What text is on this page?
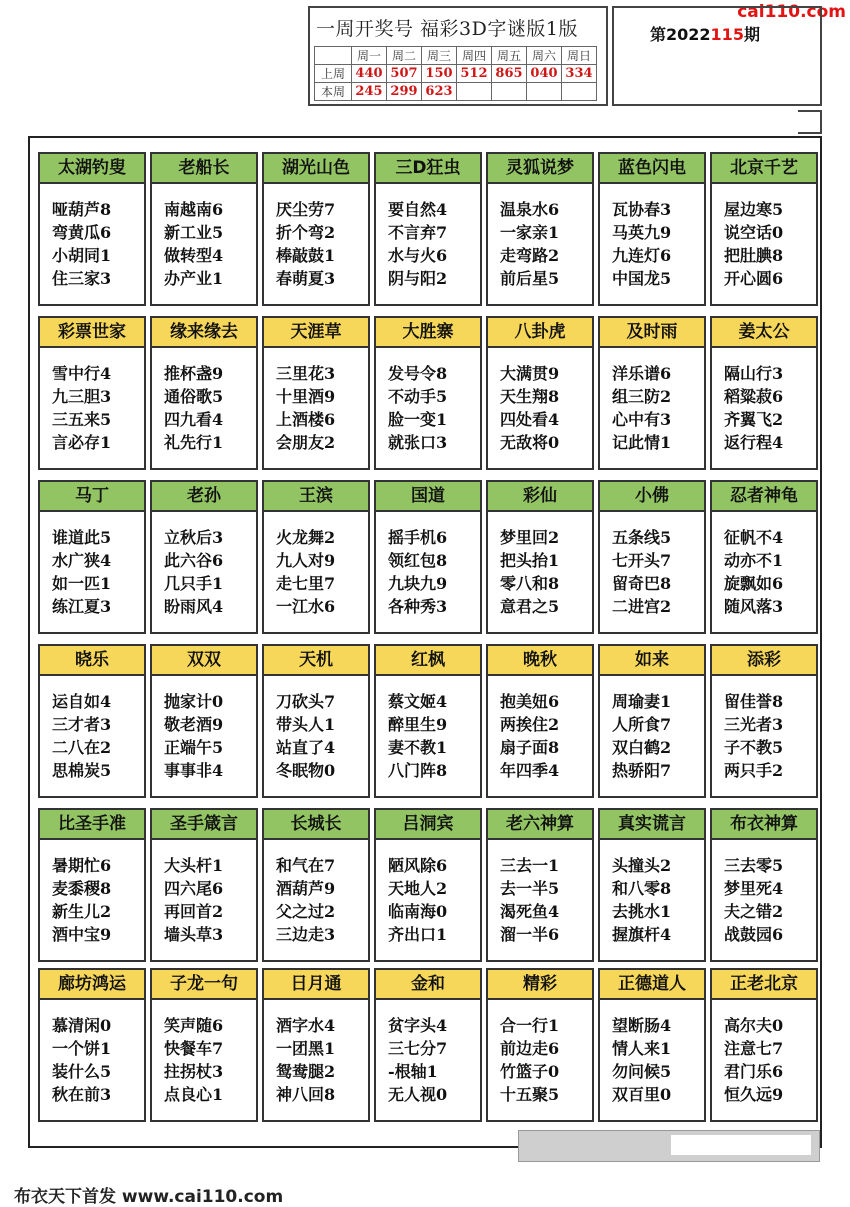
cai110.com
一周开奖号 福彩3D字谜版1版
	周一	周二	周三	周四	周五	周六	周日
上周	440	507	150	512	865	040	334
本周	245	299	623				
第2022115期
太湖钓叟
哑葫芦8
弯黄瓜6
小胡同1
住三家3
老船长
南越南6
新工业5
做转型4
办产业1
湖光山色
厌尘劳7
折个弯2
棒敲鼓1
春萌夏3
三D狂虫
要自然4
不言弃7
水与火6
阴与阳2
灵狐说梦
温泉水6
一家亲1
走弯路2
前后星5
蓝色闪电
瓦协春3
马英九9
九连灯6
中国龙5
北京千艺
屋边寒5
说空话0
把肚腆8
开心圆6
彩票世家
雪中行4
九三胆3
三五来5
言必存1
缘来缘去
推杯盏9
通俗歌5
四九看4
礼先行1
天涯草
三里花3
十里酒9
上酒楼6
会朋友2
大胜寨
发号令8
不动手5
脸一变1
就张口3
八卦虎
大满贯9
天生翔8
四处看4
无敌将0
及时雨
洋乐谱6
组三防2
心中有3
记此情1
姜太公
隔山行3
稻粱菽6
齐翼飞2
返行程4
马丁
谁道此5
水广狭4
如一匹1
练江夏3
老孙
立秋后3
此六谷6
几只手1
盼雨风4
王滨
火龙舞2
九人对9
走七里7
一江水6
国道
摇手机6
领红包8
九块九9
各种秀3
彩仙
梦里回2
把头抬1
零八和8
意君之5
小佛
五条线5
七开头7
留奇巴8
二进宫2
忍者神龟
征帆不4
动亦不1
旋飘如6
随风落3
晓乐
运自如4
三才者3
二八在2
思棉炭5
双双
抛家计0
敬老酒9
正端午5
事事非4
天机
刀砍头7
带头人1
站直了4
冬眠物0
红枫
蔡文姬4
醉里生9
妻不教1
八门阵8
晚秋
抱美妞6
两挨住2
扇子面8
年四季4
如来
周瑜妻1
人所食7
双白鹤2
热骄阳7
添彩
留佳誉8
三光者3
子不教5
两只手2
比圣手准
暑期忙6
麦黍稷8
新生儿2
酒中宝9
圣手箴言
大头杆1
四六尾6
再回首2
墙头草3
长城长
和气在7
酒葫芦9
父之过2
三边走3
吕洞宾
陋风除6
天地人2
临南海0
齐出口1
老六神算
三去一1
去一半5
渴死鱼4
溜一半6
真实谎言
头撞头2
和八零8
去挑水1
握旗杆4
布衣神算
三去零5
梦里死4
夫之错2
战鼓园6
廊坊鸿运
慕清闲0
一个饼1
装什么5
秋在前3
子龙一句
笑声随6
快餐车7
拄拐杖3
点良心1
日月通
酒字水4
一团黑1
鸳鸯腿2
神八回8
金和
贫字头4
三七分7
-根轴1
无人视0
精彩
合一行1
前边走6
竹篮子0
十五聚5
正德道人
望断肠4
情人来1
勿问候5
双百里0
正老北京
高尔夫0
注意七7
君门乐6
恒久远9
布衣天下首发 www.cai110.com
